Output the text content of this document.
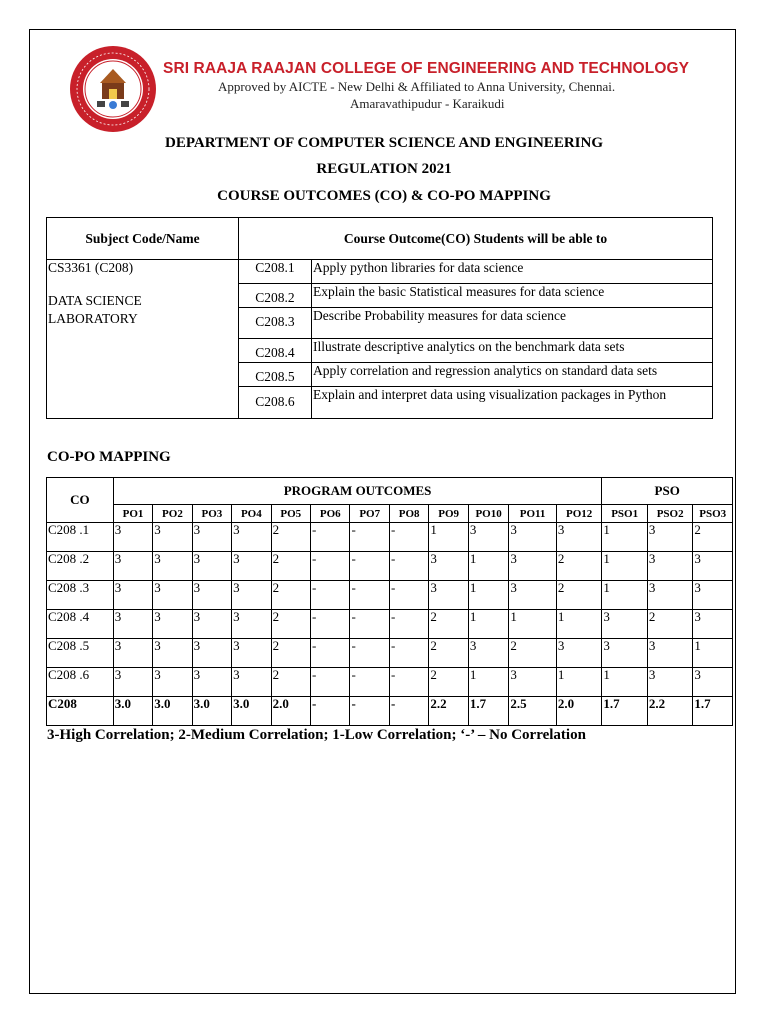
SRI RAAJA RAAJAN COLLEGE OF ENGINEERING AND TECHNOLOGY
Approved by AICTE - New Delhi & Affiliated to Anna University, Chennai.
Amaravathipudur - Karaikudi
DEPARTMENT OF COMPUTER SCIENCE AND ENGINEERING
REGULATION 2021
COURSE OUTCOMES (CO) & CO-PO MAPPING
Subject Code/Name	Course Outcome(CO) Students will be able to	

CS3361 (C208)
DATA SCIENCE LABORATORY	C208.1	Apply python libraries for data science
	C208.2	Explain the basic Statistical measures for data science
	C208.3	Describe Probability measures for data science
	C208.4	Illustrate descriptive analytics on the benchmark data sets
	C208.5	Apply correlation and regression analytics on standard data sets
	C208.6	Explain and interpret data using visualization packages in Python
CO-PO MAPPING
CO	PROGRAM OUTCOMES												PSO		
	PO1	PO2	PO3	PO4	PO5	PO6	PO7	PO8	PO9	PO10	PO11	PO12	PSO1	PSO2	PSO3
C208 .1	3	3	3	3	2	-	-	-	1	3	3	3	1	3	2
C208 .2	3	3	3	3	2	-	-	-	3	1	3	2	1	3	3
C208 .3	3	3	3	3	2	-	-	-	3	1	3	2	1	3	3
C208 .4	3	3	3	3	2	-	-	-	2	1	1	1	3	2	3
C208 .5	3	3	3	3	2	-	-	-	2	3	2	3	3	3	1
C208 .6	3	3	3	3	2	-	-	-	2	1	3	1	1	3	3
C208	3.0	3.0	3.0	3.0	2.0	-	-	-	2.2	1.7	2.5	2.0	1.7	2.2	1.7
3-High Correlation; 2-Medium Correlation; 1-Low Correlation; ‘-’ – No Correlation
